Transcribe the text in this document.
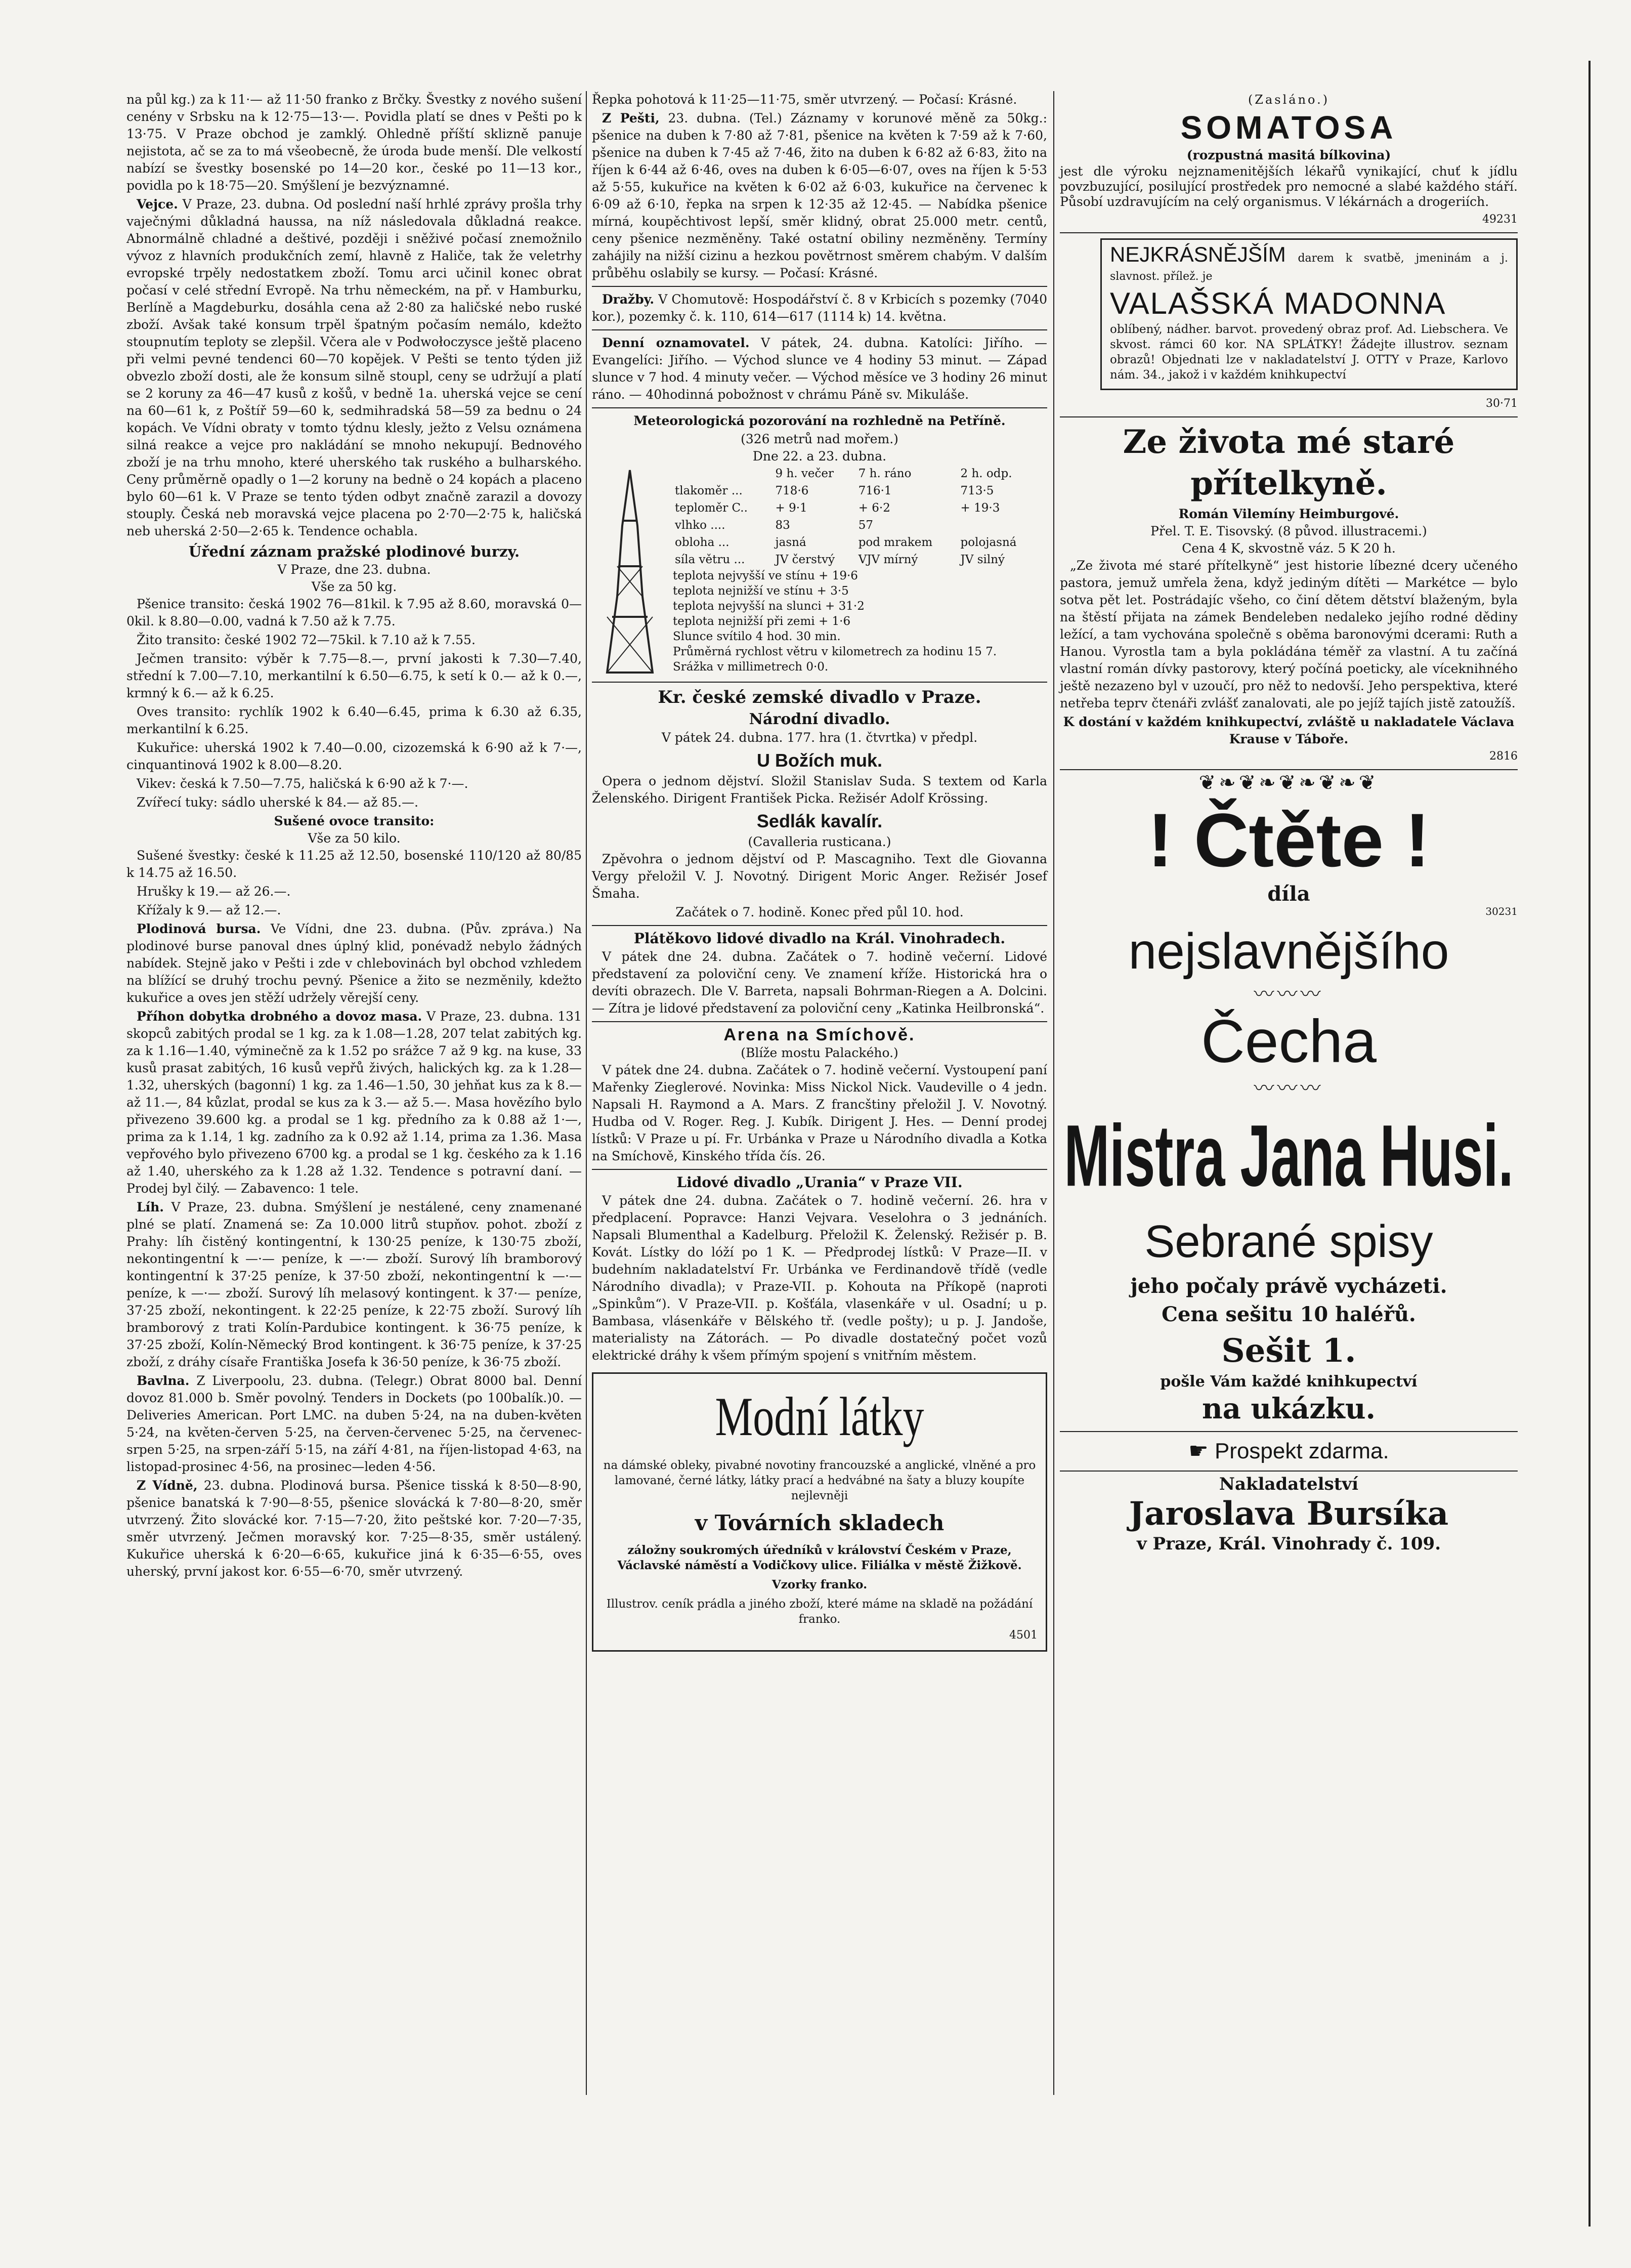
na půl kg.) za k 11·— až 11·50 franko z Brčky. Švestky z nového sušení cenény v Srbsku na k 12·75—13·—. Povidla platí se dnes v Pešti po k 13·75. V Praze obchod je zamklý. Ohledně příští sklizně panuje nejistota, ač se za to má všeobecně, že úroda bude menší. Dle velkostí nabízí se švestky bosenské po 14—20 kor., české po 11—13 kor., povidla po k 18·75—20. Smýšlení je bezvýznamné.

Vejce. V Praze, 23. dubna. Od poslední naší hrhlé zprávy prošla trhy vaječnými důkladná haussa, na níž následovala důkladná reakce. Abnormálně chladné a deštivé, později i sněživé počasí znemožnilo vývoz z hlavních produkčních zemí, hlavně z Haliče, tak že veletrhy evropské trpěly nedostatkem zboží. Tomu arci učinil konec obrat počasí v celé střední Evropě. Na trhu německém, na př. v Hamburku, Berlíně a Magdeburku, dosáhla cena až 2·80 za haličské nebo ruské zboží. Avšak také konsum trpěl špatným počasím nemálo, kdežto stoupnutím teploty se zlepšil. Včera ale v Podwołoczysce ještě placeno při velmi pevné tendenci 60—70 kopějek. V Pešti se tento týden již obvezlo zboží dosti, ale že konsum silně stoupl, ceny se udržují a platí se 2 koruny za 46—47 kusů z košů, v bedně 1a. uherská vejce se cení na 60—61 k, z Poštíř 59—60 k, sedmihradská 58—59 za bednu o 24 kopách. Ve Vídni obraty v tomto týdnu klesly, ježto z Velsu oznámena silná reakce a vejce pro nakládání se mnoho nekupují. Bednového zboží je na trhu mnoho, které uherského tak ruského a bulharského. Ceny průměrně opadly o 1—2 koruny na bedně o 24 kopách a placeno bylo 60—61 k. V Praze se tento týden odbyt značně zarazil a dovozy stouply. Česká neb moravská vejce placena po 2·70—2·75 k, haličská neb uherská 2·50—2·65 k. Tendence ochabla.

Úřední záznam pražské plodinové burzy.
V Praze, dne 23. dubna.
Vše za 50 kg.

Pšenice transito: česká 1902 76—81kil. k 7.95 až 8.60, moravská 0—0kil. k 8.80—0.00, vadná k 7.50 až k 7.75.

Žito transito: české 1902 72—75kil. k 7.10 až k 7.55.

Ječmen transito: výběr k 7.75—8.—, první jakosti k 7.30—7.40, střední k 7.00—7.10, merkantilní k 6.50—6.75, k setí k 0.— až k 0.—, krmný k 6.— až k 6.25.

Oves transito: rychlík 1902 k 6.40—6.45, prima k 6.30 až 6.35, merkantilní k 6.25.

Kukuřice: uherská 1902 k 7.40—0.00, cizozemská k 6·90 až k 7·—, cinquantinová 1902 k 8.00—8.20.

Vikev: česká k 7.50—7.75, haličská k 6·90 až k 7·—.

Zvířecí tuky: sádlo uherské k 84.— až 85.—.

Sušené ovoce transito:
Vše za 50 kilo.

Sušené švestky: české k 11.25 až 12.50, bosenské 110/120 až 80/85 k 14.75 až 16.50.

Hrušky k 19.— až 26.—.

Křížaly k 9.— až 12.—.

Plodinová bursa. Ve Vídni, dne 23. dubna. (Pův. zpráva.) Na plodinové burse panoval dnes úplný klid, ponévadž nebylo žádných nabídek. Stejně jako v Pešti i zde v chlebovinách byl obchod vzhledem na blížící se druhý trochu pevný. Pšenice a žito se nezměnily, kdežto kukuřice a oves jen stěží udržely věrejší ceny.

Příhon dobytka drobného a dovoz masa. V Praze, 23. dubna. 131 skopců zabitých prodal se 1 kg. za k 1.08—1.28, 207 telat zabitých kg. za k 1.16—1.40, výminečně za k 1.52 po srážce 7 až 9 kg. na kuse, 33 kusů prasat zabitých, 16 kusů vepřů živých, halických kg. za k 1.28—1.32, uherských (bagonní) 1 kg. za 1.46—1.50, 30 jehňat kus za k 8.— až 11.—, 84 kůzlat, prodal se kus za k 3.— až 5.—. Masa hovězího bylo přivezeno 39.600 kg. a prodal se 1 kg. předního za k 0.88 až 1·—, prima za k 1.14, 1 kg. zadního za k 0.92 až 1.14, prima za 1.36. Masa vepřového bylo přivezeno 6700 kg. a prodal se 1 kg. českého za k 1.16 až 1.40, uherského za k 1.28 až 1.32. Tendence s potravní daní. — Prodej byl čilý. — Zabavenco: 1 tele.

Líh. V Praze, 23. dubna. Smýšlení je nestálené, ceny znamenané plné se platí. Znamená se: Za 10.000 litrů stupňov. pohot. zboží z Prahy: líh čistěný kontingentní, k 130·25 peníze, k 130·75 zboží, nekontingentní k —·— peníze, k —·— zboží. Surový líh bramborový kontingentní k 37·25 peníze, k 37·50 zboží, nekontingentní k —·— peníze, k —·— zboží. Surový líh melasový kontingent. k 37·— peníze, 37·25 zboží, nekontingent. k 22·25 peníze, k 22·75 zboží. Surový líh bramborový z trati Kolín-Pardubice kontingent. k 36·75 peníze, k 37·25 zboží, Kolín-Německý Brod kontingent. k 36·75 peníze, k 37·25 zboží, z dráhy císaře Františka Josefa k 36·50 peníze, k 36·75 zboží.

Bavlna. Z Liverpoolu, 23. dubna. (Telegr.) Obrat 8000 bal. Denní dovoz 81.000 b. Směr povolný. Tenders in Dockets (po 100balík.)0. — Deliveries American. Port LMC. na duben 5·24, na na duben-květen 5·24, na květen-červen 5·25, na červen-červenec 5·25, na červenec-srpen 5·25, na srpen-září 5·15, na září 4·81, na říjen-listopad 4·63, na listopad-prosinec 4·56, na prosinec—leden 4·56.

Z Vídně, 23. dubna. Plodinová bursa. Pšenice tisská k 8·50—8·90, pšenice banatská k 7·90—8·55, pšenice slovácká k 7·80—8·20, směr utvrzený. Žito slovácké kor. 7·15—7·20, žito peštské kor. 7·20—7·35, směr utvrzený. Ječmen moravský kor. 7·25—8·35, směr ustálený. Kukuřice uherská k 6·20—6·65, kukuřice jiná k 6·35—6·55, oves uherský, první jakost kor. 6·55—6·70, směr utvrzený.

Řepka pohotová k 11·25—11·75, směr utvrzený. — Počasí: Krásné.

Z Pešti, 23. dubna. (Tel.) Záznamy v korunové měně za 50kg.: pšenice na duben k 7·80 až 7·81, pšenice na květen k 7·59 až k 7·60, pšenice na duben k 7·45 až 7·46, žito na duben k 6·82 až 6·83, žito na říjen k 6·44 až 6·46, oves na duben k 6·05—6·07, oves na říjen k 5·53 až 5·55, kukuřice na květen k 6·02 až 6·03, kukuřice na červenec k 6·09 až 6·10, řepka na srpen k 12·35 až 12·45. — Nabídka pšenice mírná, koupěchtivost lepší, směr klidný, obrat 25.000 metr. centů, ceny pšenice nezměněny. Také ostatní obiliny nezměněny. Termíny zahájily na nižší cizinu a hezkou povětrnost směrem chabým. V dalším průběhu oslabily se kursy. — Počasí: Krásné.

Dražby. V Chomutově: Hospodářství č. 8 v Krbicích s pozemky (7040 kor.), pozemky č. k. 110, 614—617 (1114 k) 14. května.

Denní oznamovatel. V pátek, 24. dubna. Katolíci: Jiřího. — Evangelíci: Jiřího. — Východ slunce ve 4 hodiny 53 minut. — Západ slunce v 7 hod. 4 minuty večer. — Východ měsíce ve 3 hodiny 26 minut ráno. — 40hodinná pobožnost v chrámu Páně sv. Mikuláše.

Meteorologická pozorování na rozhledně na Petříně.
(326 metrů nad mořem.)
Dne 22. a 23. dubna.
	9 h. večer	7 h. ráno	2 h. odp.
tlakoměr ...	718·6	716·1	713·5
teploměr C..	+ 9·1	+ 6·2	+ 19·3
vlhko ....	83	57	
obloha ...	jasná	pod mrakem	polojasná
síla větru ...	JV čerstvý	VJV mírný	JV silný
teplota nejvyšší ve stínu + 19·6
teplota nejnižší ve stínu + 3·5
teplota nejvyšší na slunci + 31·2
teplota nejnižší při zemi + 1·6
Slunce svítilo 4 hod. 30 min.
Průměrná rychlost větru v kilometrech za hodinu 15 7.
Srážka v millimetrech 0·0.
Kr. české zemské divadlo v Praze.
Národní divadlo.
V pátek 24. dubna. 177. hra (1. čtvrtka) v předpl.
U Božích muk.

Opera o jednom dějství. Složil Stanislav Suda. S textem od Karla Želenského. Dirigent František Picka. Režisér Adolf Krössing.

Sedlák kavalír.
(Cavalleria rusticana.)

Zpěvohra o jednom dějství od P. Mascagniho. Text dle Giovanna Vergy přeložil V. J. Novotný. Dirigent Moric Anger. Režisér Josef Šmaha.

Začátek o 7. hodině. Konec před půl 10. hod.
Plátěkovo lidové divadlo na Král. Vinohradech.

V pátek dne 24. dubna. Začátek o 7. hodině večerní. Lidové představení za poloviční ceny. Ve znamení kříže. Historická hra o devíti obrazech. Dle V. Barreta, napsali Bohrman-Riegen a A. Dolcini. — Zítra je lidové představení za poloviční ceny „Katinka Heilbronská“.

Arena na Smíchově.
(Blíže mostu Palackého.)

V pátek dne 24. dubna. Začátek o 7. hodině večerní. Vystoupení paní Mařenky Zieglerové. Novinka: Miss Nickol Nick. Vaudeville o 4 jedn. Napsali H. Raymond a A. Mars. Z francštiny přeložil J. V. Novotný. Hudba od V. Roger. Reg. J. Kubík. Dirigent J. Hes. — Denní prodej lístků: V Praze u pí. Fr. Urbánka v Praze u Národního divadla a Kotka na Smíchově, Kinského třída čís. 26.

Lidové divadlo „Urania“ v Praze VII.

V pátek dne 24. dubna. Začátek o 7. hodině večerní. 26. hra v předplacení. Popravce: Hanzi Vejvara. Veselohra o 3 jednáních. Napsali Blumenthal a Kadelburg. Přeložil K. Želenský. Režisér p. B. Kovát. Lístky do lóží po 1 K. — Předprodej lístků: V Praze—II. v budehním nakladatelství Fr. Urbánka ve Ferdinandově třídě (vedle Národního divadla); v Praze-VII. p. Kohouta na Příkopě (naproti „Spinkům“). V Praze-VII. p. Košťála, vlasenkáře v ul. Osadní; u p. Bambasa, vlásenkáře v Bělského tř. (vedle pošty); u p. J. Jandoše, materialisty na Zátorách. — Po divadle dostatečný počet vozů elektrické dráhy k všem přímým spojení s vnitřním městem.

Modní látky
na dámské obleky, pivabné novotiny francouzské a anglické, vlněné a pro lamované, černé látky, látky prací a hedvábné na šaty a bluzy koupíte nejlevněji
v Továrních skladech
záložny soukromých úředníků v království Českém v Praze, Václavské náměstí a Vodičkovy ulice. Filiálka v městě Žižkově.
Vzorky franko.
Illustrov. ceník prádla a jiného zboží, které máme na skladě na požádání franko.
4501
(Zasláno.)
SOMATOSA
(rozpustná masitá bílkovina)

jest dle výroku nejznamenitějších lékařů vynikající, chuť k jídlu povzbuzující, posilující prostředek pro nemocné a slabé každého stáří. Působí uzdravujícím na celý organismus. V lékárnách a drogeriích.

49231
NEJKRÁSNĚJŠÍM darem k svatbě, jmeninám a j. slavnost. přílež. je
VALAŠSKÁ MADONNA
oblíbený, nádher. barvot. provedený obraz prof. Ad. Liebschera. Ve skvost. rámci 60 kor. NA SPLÁTKY! Žádejte illustrov. seznam obrazů! Objednati lze v nakladatelství J. OTTY v Praze, Karlovo nám. 34., jakož i v každém knihkupectví
30·71
Ze života mé staré přítelkyně.
Román Vilemíny Heimburgové.
Přel. T. E. Tisovský. (8 původ. illustracemi.)
Cena 4 K, skvostně váz. 5 K 20 h.

„Ze života mé staré přítelkyně“ jest historie líbezné dcery učeného pastora, jemuž umřela žena, když jediným dítěti — Markétce — bylo sotva pět let. Postrádajíc všeho, co činí dětem dětství blaženým, byla na štěstí přijata na zámek Bendeleben nedaleko jejího rodné dědiny ležící, a tam vychována společně s oběma baronovými dcerami: Ruth a Hanou. Vyrostla tam a byla pokládána téměř za vlastní. A tu začíná vlastní román dívky pastorovy, který počíná poeticky, ale víceknihného ještě nezazeno byl v uzoučí, pro něž to nedovší. Jeho perspektiva, které netřeba teprv čtenáři zvlášť zanalovati, ale po jejíž tajích jistě zatoužíš.

K dostání v každém knihkupectví, zvláště u nakladatele Václava Krause v Táboře.
2816
❦❧❦❧❦❧❦❧❦
! Čtěte !
díla
30231
nejslavnějšího
〰〰〰
Čecha
〰〰〰
Mistra Jana Husi.
Sebrané spisy
jeho počaly právě vycházeti.
Cena sešitu 10 haléřů.
Sešit 1.
pošle Vám každé knihkupectví
na ukázku.
☛ Prospekt zdarma.
Nakladatelství
Jaroslava Bursíka
v Praze, Král. Vinohrady č. 109.
